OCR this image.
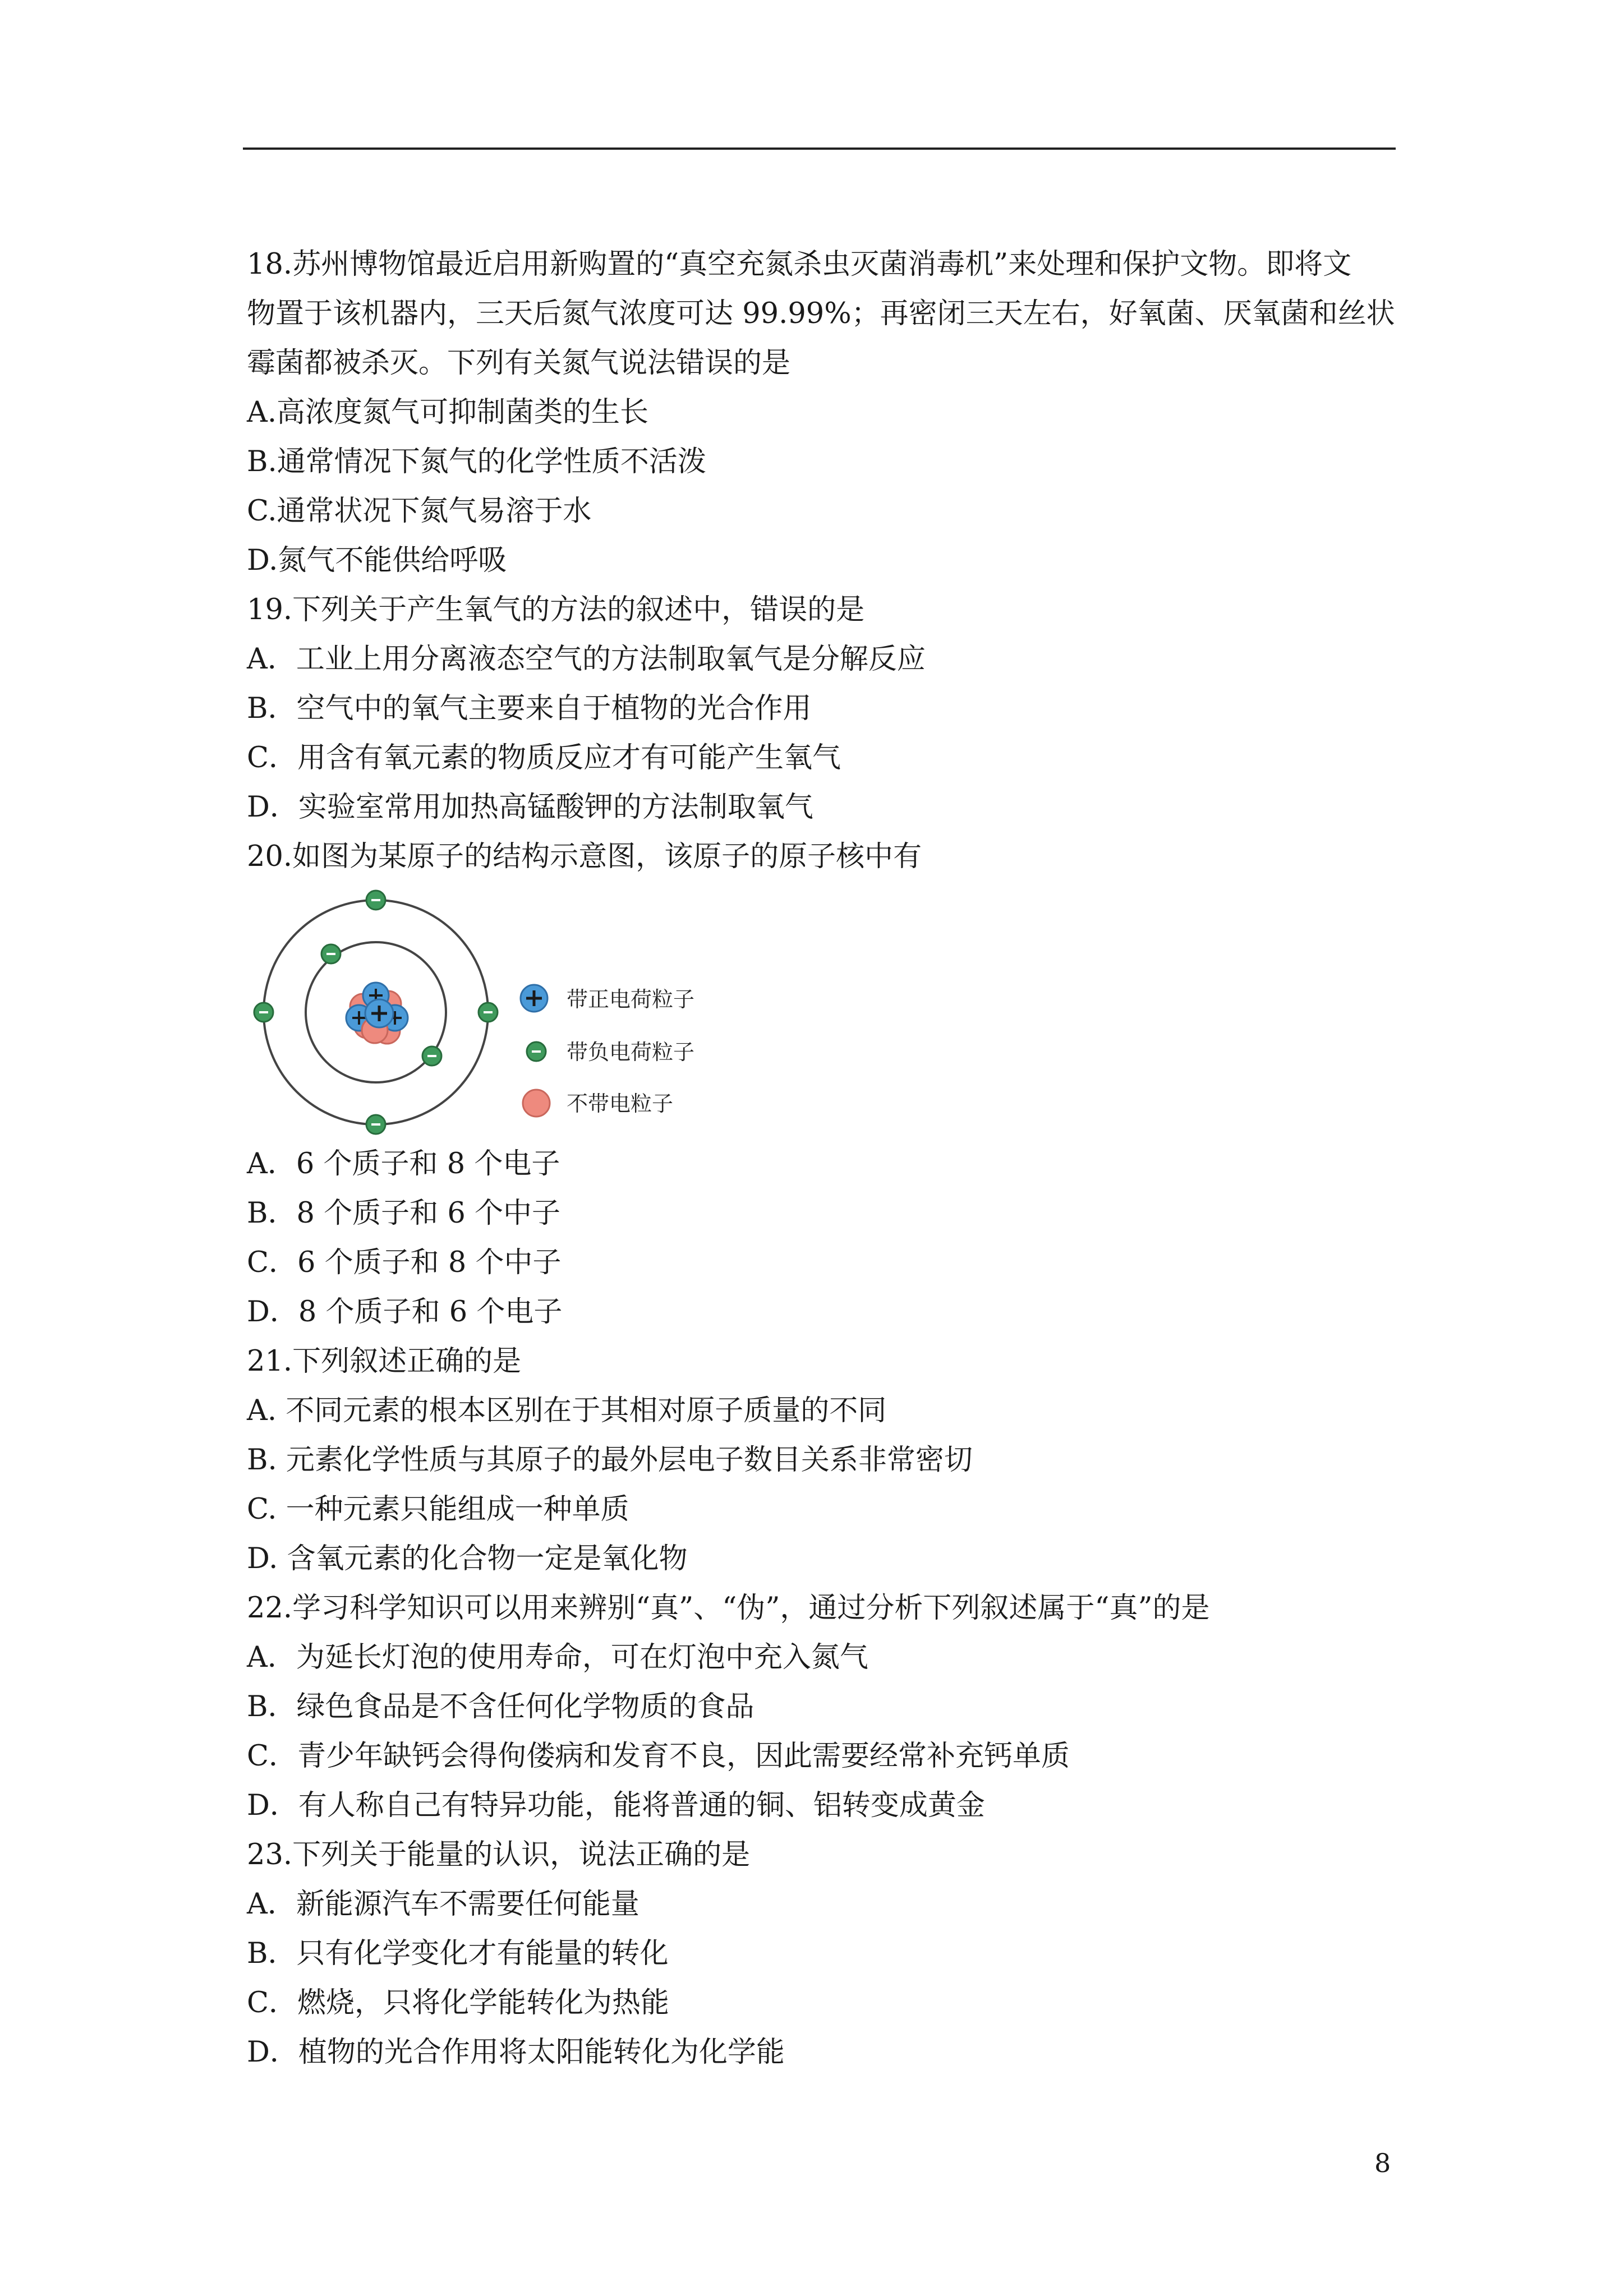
18.苏州博物馆最近启用新购置的“真空充氮杀虫灭菌消毒机”来处理和保护文物。即将文
物置于该机器内，三天后氮气浓度可达 99.99%；再密闭三天左右，好氧菌、厌氧菌和丝状
霉菌都被杀灭。下列有关氮气说法错误的是
A.高浓度氮气可抑制菌类的生长
B.通常情况下氮气的化学性质不活泼
C.通常状况下氮气易溶于水
D.氮气不能供给呼吸
19.下列关于产生氧气的方法的叙述中，错误的是
A．工业上用分离液态空气的方法制取氧气是分解反应
B．空气中的氧气主要来自于植物的光合作用
C．用含有氧元素的物质反应才有可能产生氧气
D．实验室常用加热高锰酸钾的方法制取氧气
20.如图为某原子的结构示意图，该原子的原子核中有
带正电荷粒子
带负电荷粒子
不带电粒子
A．6 个质子和 8 个电子
B．8 个质子和 6 个中子
C．6 个质子和 8 个中子
D．8 个质子和 6 个电子
21.下列叙述正确的是
A. 不同元素的根本区别在于其相对原子质量的不同
B. 元素化学性质与其原子的最外层电子数目关系非常密切
C. 一种元素只能组成一种单质
D. 含氧元素的化合物一定是氧化物
22.学习科学知识可以用来辨别“真”、“伪”，通过分析下列叙述属于“真”的是
A．为延长灯泡的使用寿命，可在灯泡中充入氮气
B．绿色食品是不含任何化学物质的食品
C．青少年缺钙会得佝偻病和发育不良，因此需要经常补充钙单质
D．有人称自己有特异功能，能将普通的铜、铝转变成黄金
23.下列关于能量的认识，说法正确的是
A．新能源汽车不需要任何能量
B．只有化学变化才有能量的转化
C．燃烧，只将化学能转化为热能
D．植物的光合作用将太阳能转化为化学能
8
